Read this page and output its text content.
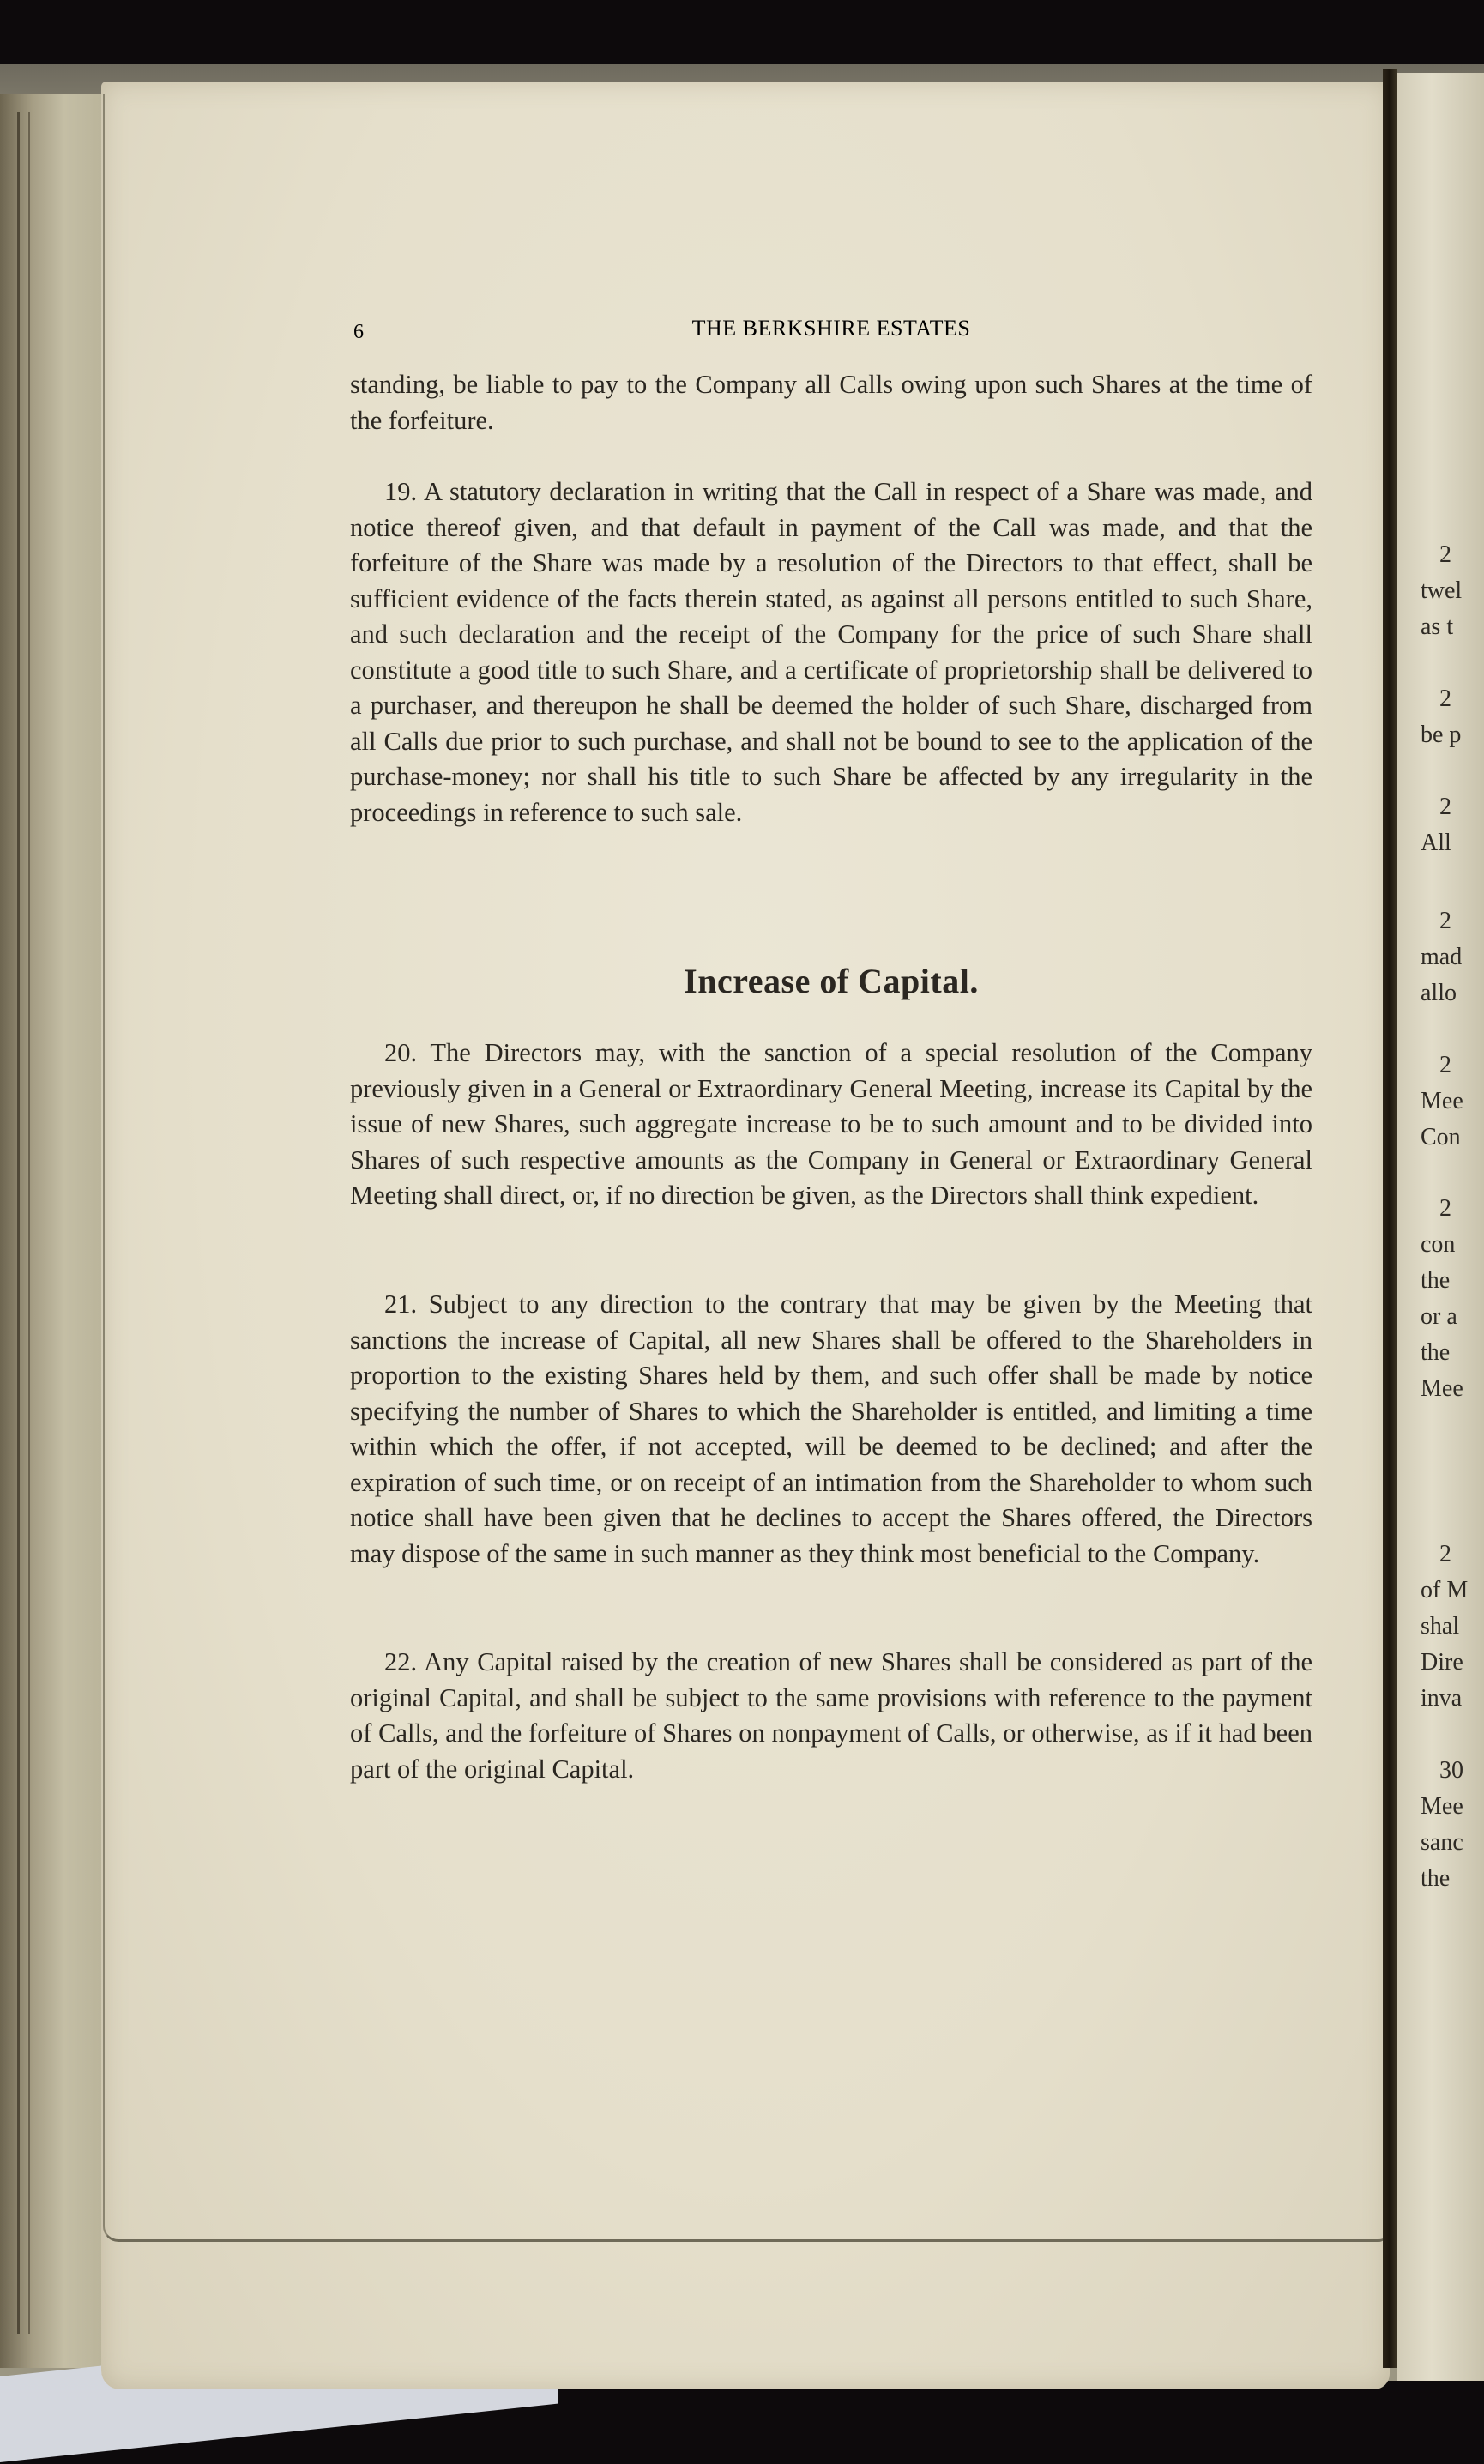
2
twel
as t
2
be p
2
All
2
mad
allo
2
Mee
Con
2
con
the
or a
the
Mee
2
of M
shal
Dire
inva
30
Mee
sanc
the
6	THE BERKSHIRE ESTATES

standing, be liable to pay to the Company all Calls owing upon such Shares at the time of the forfeiture.

19. A statutory declaration in writing that the Call in respect of a Share was made, and notice thereof given, and that default in payment of the Call was made, and that the forfeiture of the Share was made by a resolution of the Directors to that effect, shall be sufficient evidence of the facts therein stated, as against all persons entitled to such Share, and such declaration and the receipt of the Company for the price of such Share shall constitute a good title to such Share, and a certificate of proprietorship shall be delivered to a purchaser, and thereupon he shall be deemed the holder of such Share, discharged from all Calls due prior to such purchase, and shall not be bound to see to the application of the purchase-money; nor shall his title to such Share be affected by any irregularity in the proceedings in reference to such sale.

Increase of Capital.

20. The Directors may, with the sanction of a special resolution of the Company previously given in a General or Extraordinary General Meeting, increase its Capital by the issue of new Shares, such aggregate increase to be to such amount and to be divided into Shares of such respective amounts as the Company in General or Extraordinary General Meeting shall direct, or, if no direction be given, as the Directors shall think expedient.

21. Subject to any direction to the contrary that may be given by the Meeting that sanctions the increase of Capital, all new Shares shall be offered to the Shareholders in proportion to the existing Shares held by them, and such offer shall be made by notice specifying the number of Shares to which the Shareholder is entitled, and limiting a time within which the offer, if not accepted, will be deemed to be declined; and after the expiration of such time, or on receipt of an intimation from the Shareholder to whom such notice shall have been given that he declines to accept the Shares offered, the Directors may dispose of the same in such manner as they think most beneficial to the Company.

22. Any Capital raised by the creation of new Shares shall be considered as part of the original Capital, and shall be subject to the same provisions with reference to the payment of Calls, and the forfeiture of Shares on nonpayment of Calls, or otherwise, as if it had been part of the original Capital.
